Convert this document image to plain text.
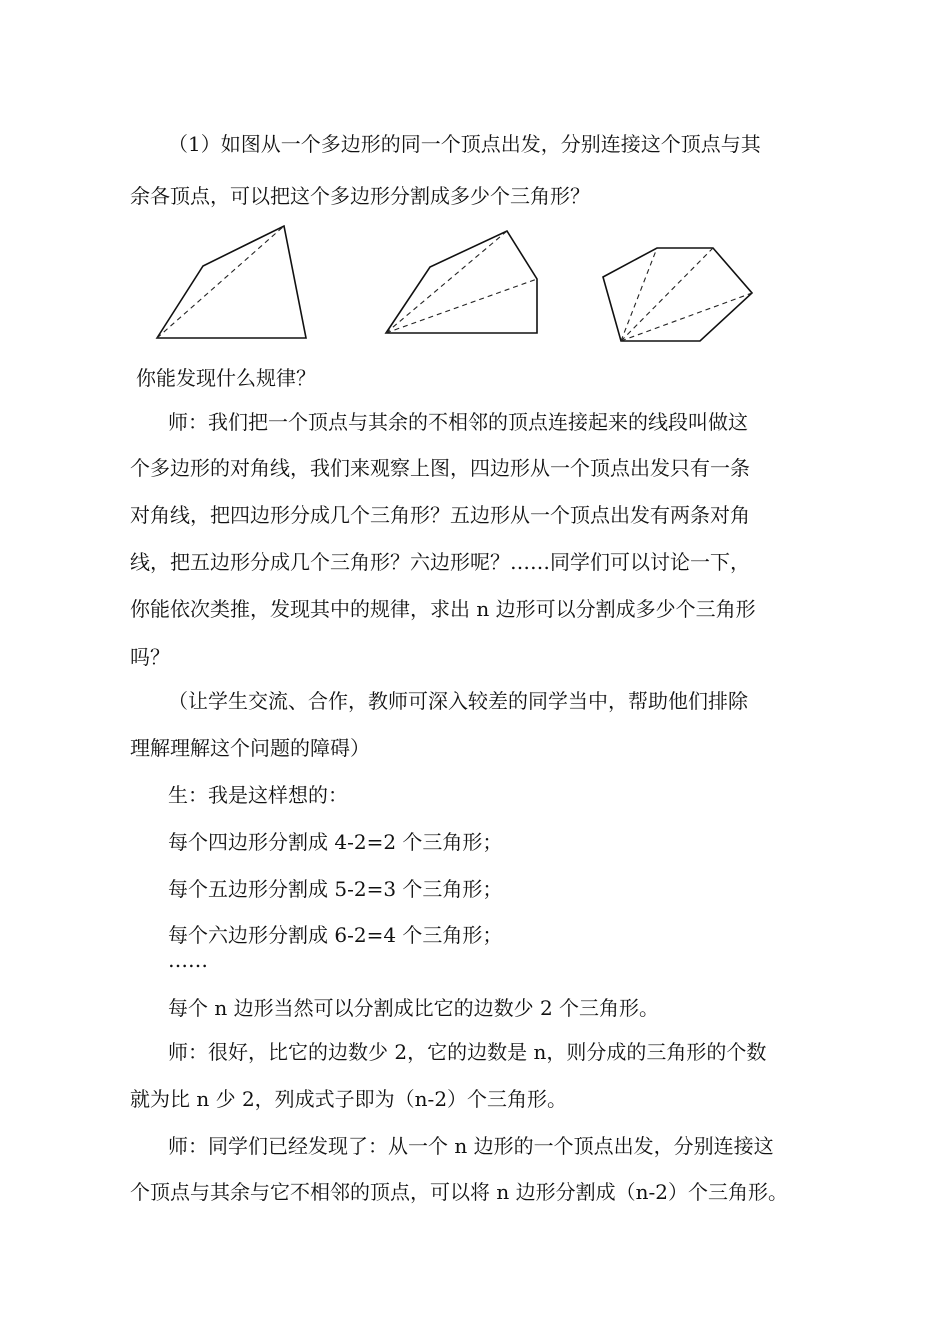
（1）如图从一个多边形的同一个顶点出发，分别连接这个顶点与其
余各顶点，可以把这个多边形分割成多少个三角形？
你能发现什么规律？
师：我们把一个顶点与其余的不相邻的顶点连接起来的线段叫做这
个多边形的对角线，我们来观察上图，四边形从一个顶点出发只有一条
对角线，把四边形分成几个三角形？五边形从一个顶点出发有两条对角
线，把五边形分成几个三角形？六边形呢？……同学们可以讨论一下，
你能依次类推，发现其中的规律，求出 n 边形可以分割成多少个三角形
吗？
（让学生交流、合作，教师可深入较差的同学当中，帮助他们排除
理解理解这个问题的障碍）
生：我是这样想的：
每个四边形分割成 4-2=2 个三角形；
每个五边形分割成 5-2=3 个三角形；
每个六边形分割成 6-2=4 个三角形；
……
每个 n 边形当然可以分割成比它的边数少 2 个三角形。
师：很好，比它的边数少 2，它的边数是 n，则分成的三角形的个数
就为比 n 少 2，列成式子即为（n-2）个三角形。
师：同学们已经发现了：从一个 n 边形的一个顶点出发，分别连接这
个顶点与其余与它不相邻的顶点，可以将 n 边形分割成（n-2）个三角形。
